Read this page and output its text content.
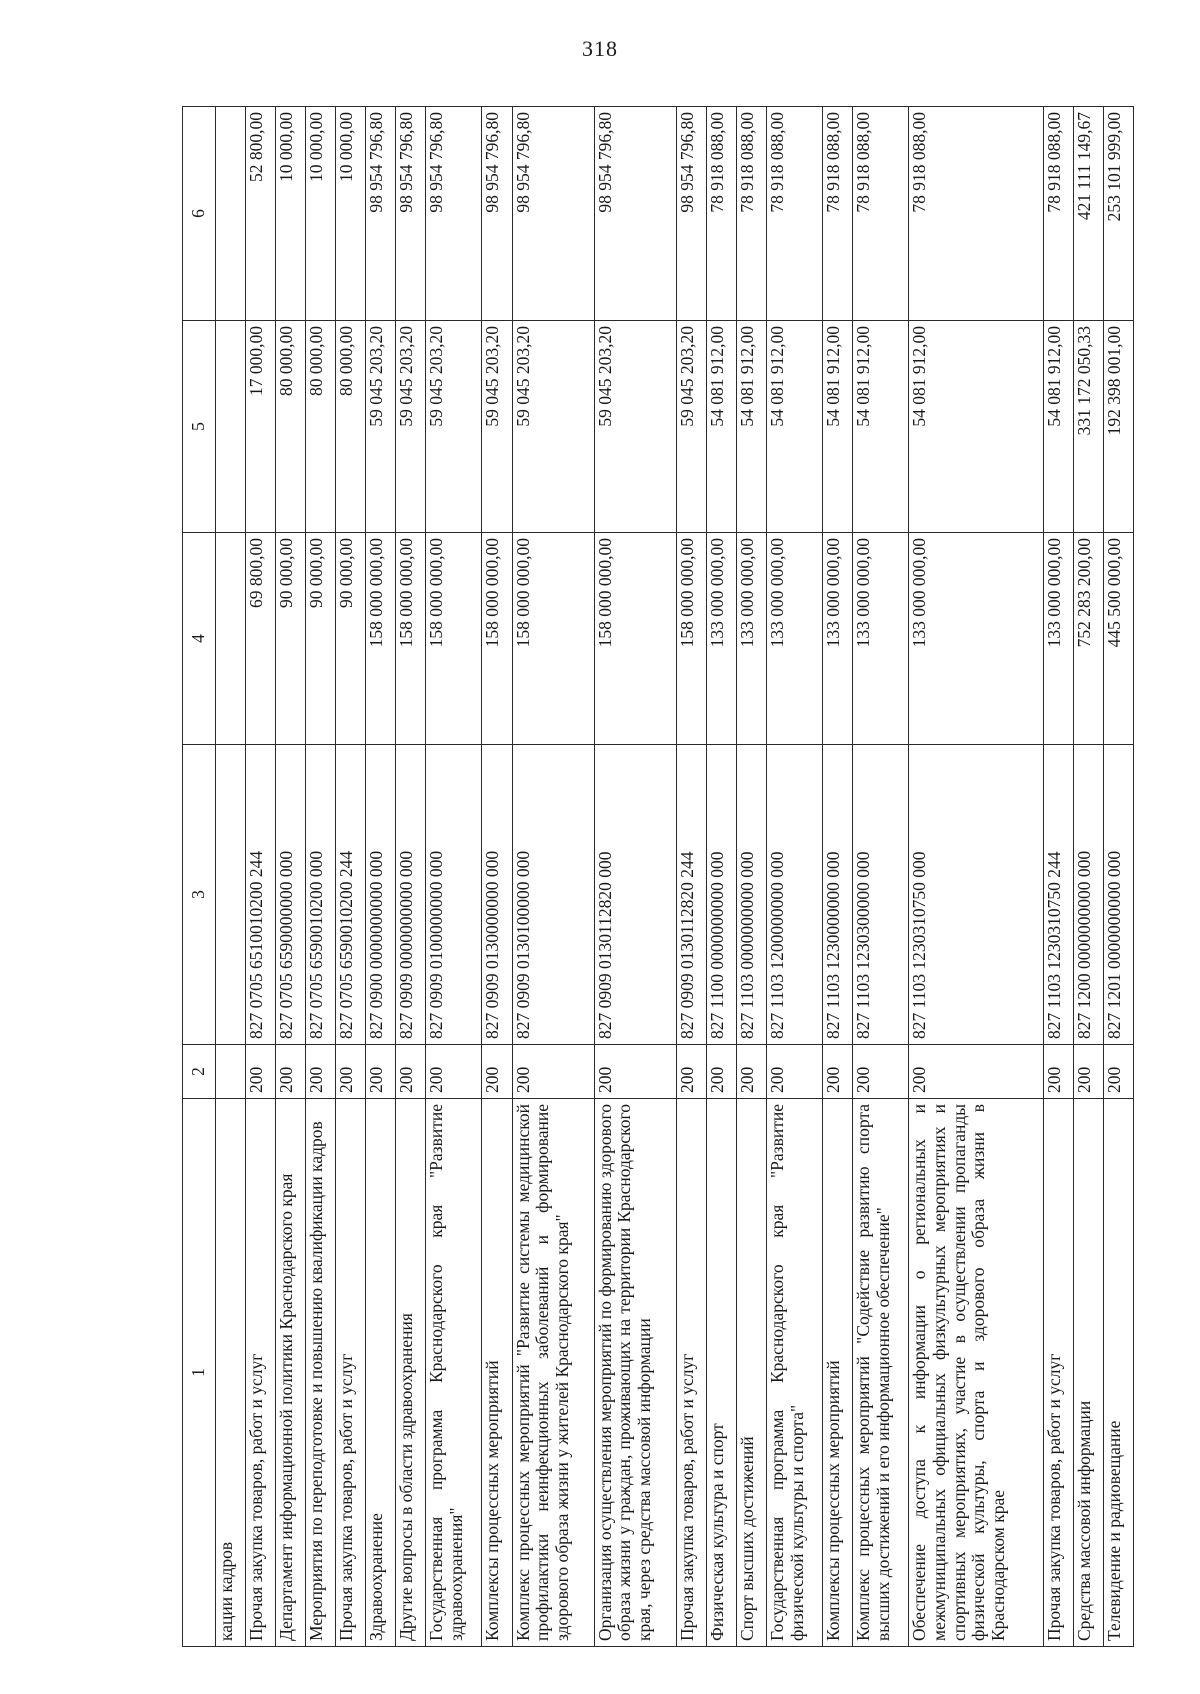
318
1	2	3	4	5	6
кации кадров					
Прочая закупка товаров, работ и услуг	200	827 0705 6510010200 244	69 800,00	17 000,00	52 800,00
Департамент информационной политики Краснодарского края	200	827 0705 6590000000 000	90 000,00	80 000,00	10 000,00
Мероприятия по переподготовке и повышению квалификации кадров	200	827 0705 6590010200 000	90 000,00	80 000,00	10 000,00
Прочая закупка товаров, работ и услуг	200	827 0705 6590010200 244	90 000,00	80 000,00	10 000,00
Здравоохранение	200	827 0900 0000000000 000	158 000 000,00	59 045 203,20	98 954 796,80
Другие вопросы в области здравоохранения	200	827 0909 0000000000 000	158 000 000,00	59 045 203,20	98 954 796,80
Государственная программа Краснодарского края "Развитие здравоохранения"	200	827 0909 0100000000 000	158 000 000,00	59 045 203,20	98 954 796,80
Комплексы процессных мероприятий	200	827 0909 0130000000 000	158 000 000,00	59 045 203,20	98 954 796,80
Комплекс процессных мероприятий "Развитие системы медицинской профилактики неинфекционных заболеваний и формирование здорового образа жизни у жителей Краснодарского края"	200	827 0909 0130100000 000	158 000 000,00	59 045 203,20	98 954 796,80
Организация осуществления мероприятий по формированию здорового образа жизни у граждан, проживающих на территории Краснодарского края, через средства массовой информации	200	827 0909 0130112820 000	158 000 000,00	59 045 203,20	98 954 796,80
Прочая закупка товаров, работ и услуг	200	827 0909 0130112820 244	158 000 000,00	59 045 203,20	98 954 796,80
Физическая культура и спорт	200	827 1100 0000000000 000	133 000 000,00	54 081 912,00	78 918 088,00
Спорт высших достижений	200	827 1103 0000000000 000	133 000 000,00	54 081 912,00	78 918 088,00
Государственная программа Краснодарского края "Развитие физической культуры и спорта"	200	827 1103 1200000000 000	133 000 000,00	54 081 912,00	78 918 088,00
Комплексы процессных мероприятий	200	827 1103 1230000000 000	133 000 000,00	54 081 912,00	78 918 088,00
Комплекс процессных мероприятий "Содействие развитию спорта высших достижений и его информационное обеспечение"	200	827 1103 1230300000 000	133 000 000,00	54 081 912,00	78 918 088,00
Обеспечение доступа к информации о региональных и межмуниципальных официальных физкультурных мероприятиях и спортивных мероприятиях, участие в осуществлении пропаганды физической культуры, спорта и здорового образа жизни в Краснодарском крае	200	827 1103 1230310750 000	133 000 000,00	54 081 912,00	78 918 088,00
Прочая закупка товаров, работ и услуг	200	827 1103 1230310750 244	133 000 000,00	54 081 912,00	78 918 088,00
Средства массовой информации	200	827 1200 0000000000 000	752 283 200,00	331 172 050,33	421 111 149,67
Телевидение и радиовещание	200	827 1201 0000000000 000	445 500 000,00	192 398 001,00	253 101 999,00
